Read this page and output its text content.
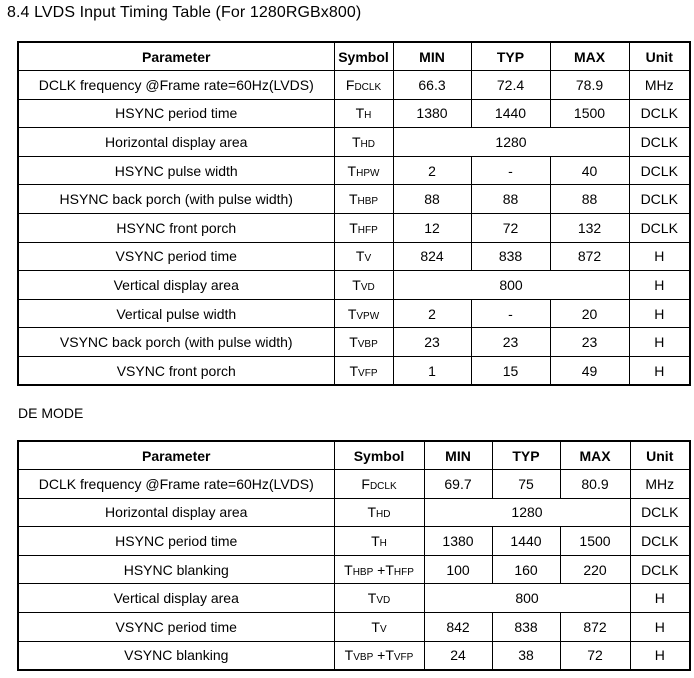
8.4 LVDS Input Timing Table (For 1280RGBx800)
Parameter	Symbol	MIN	TYP	MAX	Unit
DCLK frequency @Frame rate=60Hz(LVDS)	FDCLK	66.3	72.4	78.9	MHz
HSYNC period time	TH	1380	1440	1500	DCLK
Horizontal display area	THD	1280			DCLK
HSYNC pulse width	THPW	2	-	40	DCLK
HSYNC back porch (with pulse width)	THBP	88	88	88	DCLK
HSYNC front porch	THFP	12	72	132	DCLK
VSYNC period time	TV	824	838	872	H
Vertical display area	TVD	800			H
Vertical pulse width	TVPW	2	-	20	H
VSYNC back porch (with pulse width)	TVBP	23	23	23	H
VSYNC front porch	TVFP	1	15	49	H
DE MODE
Parameter	Symbol	MIN	TYP	MAX	Unit
DCLK frequency @Frame rate=60Hz(LVDS)	FDCLK	69.7	75	80.9	MHz
Horizontal display area	THD	1280			DCLK
HSYNC period time	TH	1380	1440	1500	DCLK
HSYNC blanking	THBP +THFP	100	160	220	DCLK
Vertical display area	TVD	800			H
VSYNC period time	TV	842	838	872	H
VSYNC blanking	TVBP +TVFP	24	38	72	H
